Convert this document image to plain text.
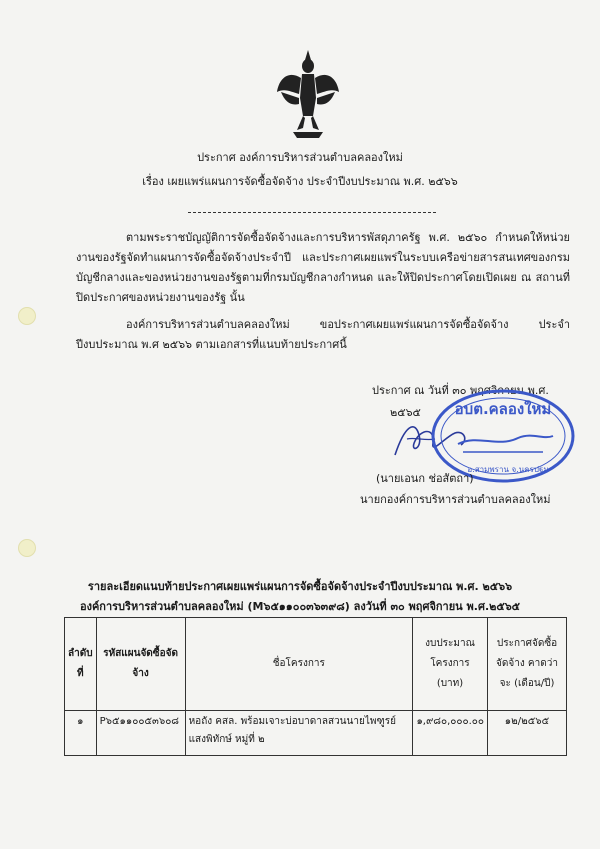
ประกาศ องค์การบริหารส่วนตำบลคลองใหม่
เรื่อง เผยแพร่แผนการจัดซื้อจัดจ้าง ประจำปีงบประมาณ พ.ศ. ๒๕๖๖
ตามพระราชบัญญัติการจัดซื้อจัดจ้างและการบริหารพัสดุภาครัฐ พ.ศ. ๒๕๖๐ กำหนดให้หน่วยงานของรัฐจัดทำแผนการจัดซื้อจัดจ้างประจำปี และประกาศเผยแพร่ในระบบเครือข่ายสารสนเทศของกรมบัญชีกลางและของหน่วยงานของรัฐตามที่กรมบัญชีกลางกำหนด และให้ปิดประกาศโดยเปิดเผย ณ สถานที่ปิดประกาศของหน่วยงานของรัฐ นั้น
องค์การบริหารส่วนตำบลคลองใหม่ ขอประกาศเผยแพร่แผนการจัดซื้อจัดจ้าง ประจำปีงบประมาณ พ.ศ ๒๕๖๖ ตามเอกสารที่แนบท้ายประกาศนี้
ประกาศ ณ วันที่ ๓๐ พฤศจิกายน พ.ศ.
๒๕๖๕ อบต.คลองใหม่
อ.สามพราน จ.นครปฐม
(นายเอนก ช่อสัตถา)
นายกองค์การบริหารส่วนตำบลคลองใหม่
รายละเอียดแนบท้ายประกาศเผยแพร่แผนการจัดซื้อจัดจ้างประจำปีงบประมาณ พ.ศ. ๒๕๖๖
องค์การบริหารส่วนตำบลคลองใหม่ (M๖๕๑๑๐๐๓๖๓๙๘) ลงวันที่ ๓๐ พฤศจิกายน พ.ศ.๒๕๖๕
ลำดับที่	รหัสแผนจัดซื้อจัดจ้าง	ชื่อโครงการ	งบประมาณโครงการ (บาท)	ประกาศจัดซื้อจัดจ้าง คาดว่าจะ (เดือน/ปี)
๑	P๖๕๑๑๐๐๕๓๖๐๘	หอถัง คสล. พร้อมเจาะบ่อบาดาลสวนนายไพฑูรย์ แสงพิทักษ์ หมู่ที่ ๒	๑,๙๘๐,๐๐๐.๐๐	๑๒/๒๕๖๕
